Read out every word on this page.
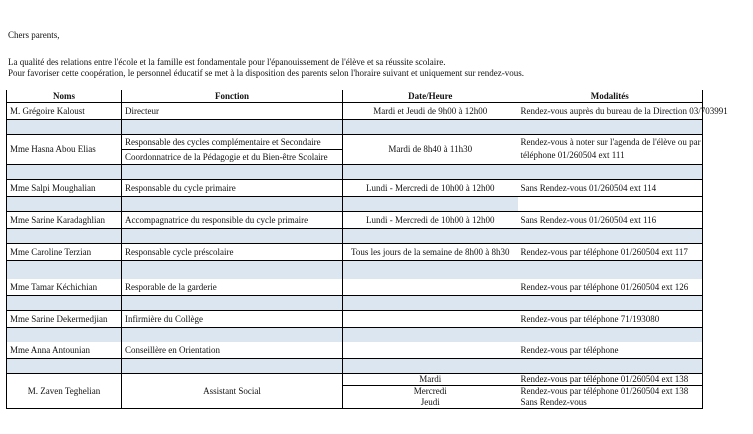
Chers parents,
La qualité des relations entre l'école et la famille est fondamentale pour l'épanouissement de l'élève et sa réussite scolaire.
Pour favoriser cette coopération, le personnel éducatif se met à la disposition des parents selon l'horaire suivant et uniquement sur rendez-vous.
Noms	Fonction	Date/Heure	Modalités
M. Grégoire Kaloust	Directeur	Mardi et Jeudi de 9h00 à 12h00	Rendez-vous auprès du bureau de la Direction 03/703991

Mme Hasna Abou Elias	Responsable des cycles complémentaire et Secondaire	Mardi de 8h40 à 11h30	Rendez-vous à noter sur l'agenda de l'élève ou par
	Coordonnatrice de la Pédagogie et du Bien-être Scolaire		téléphone 01/260504 ext 111

Mme Salpi Moughalian	Responsable du cycle primaire	Lundi - Mercredi de 10h00 à 12h00	Sans Rendez-vous 01/260504 ext 114

Mme Sarine Karadaghlian	Accompagnatrice du responsible du cycle primaire	Lundi - Mercredi de 10h00 à 12h00	Sans Rendez-vous 01/260504 ext 116

Mme Caroline Terzian	Responsable cycle préscolaire	Tous les jours de la semaine de 8h00 à 8h30	Rendez-vous par téléphone 01/260504 ext 117

Mme Tamar Kéchichian	Resporable de la garderie		Rendez-vous par téléphone 01/260504 ext 126

Mme Sarine Dekermedjian	Infirmière du Collège		Rendez-vous par téléphone 71/193080

Mme Anna Antounian	Conseillère en Orientation		Rendez-vous par téléphone

M. Zaven Teghelian	Assistant Social	Mardi	Rendez-vous par téléphone 01/260504 ext 138
		Mercredi	Rendez-vous par téléphone 01/260504 ext 138
		Jeudi	Sans Rendez-vous
